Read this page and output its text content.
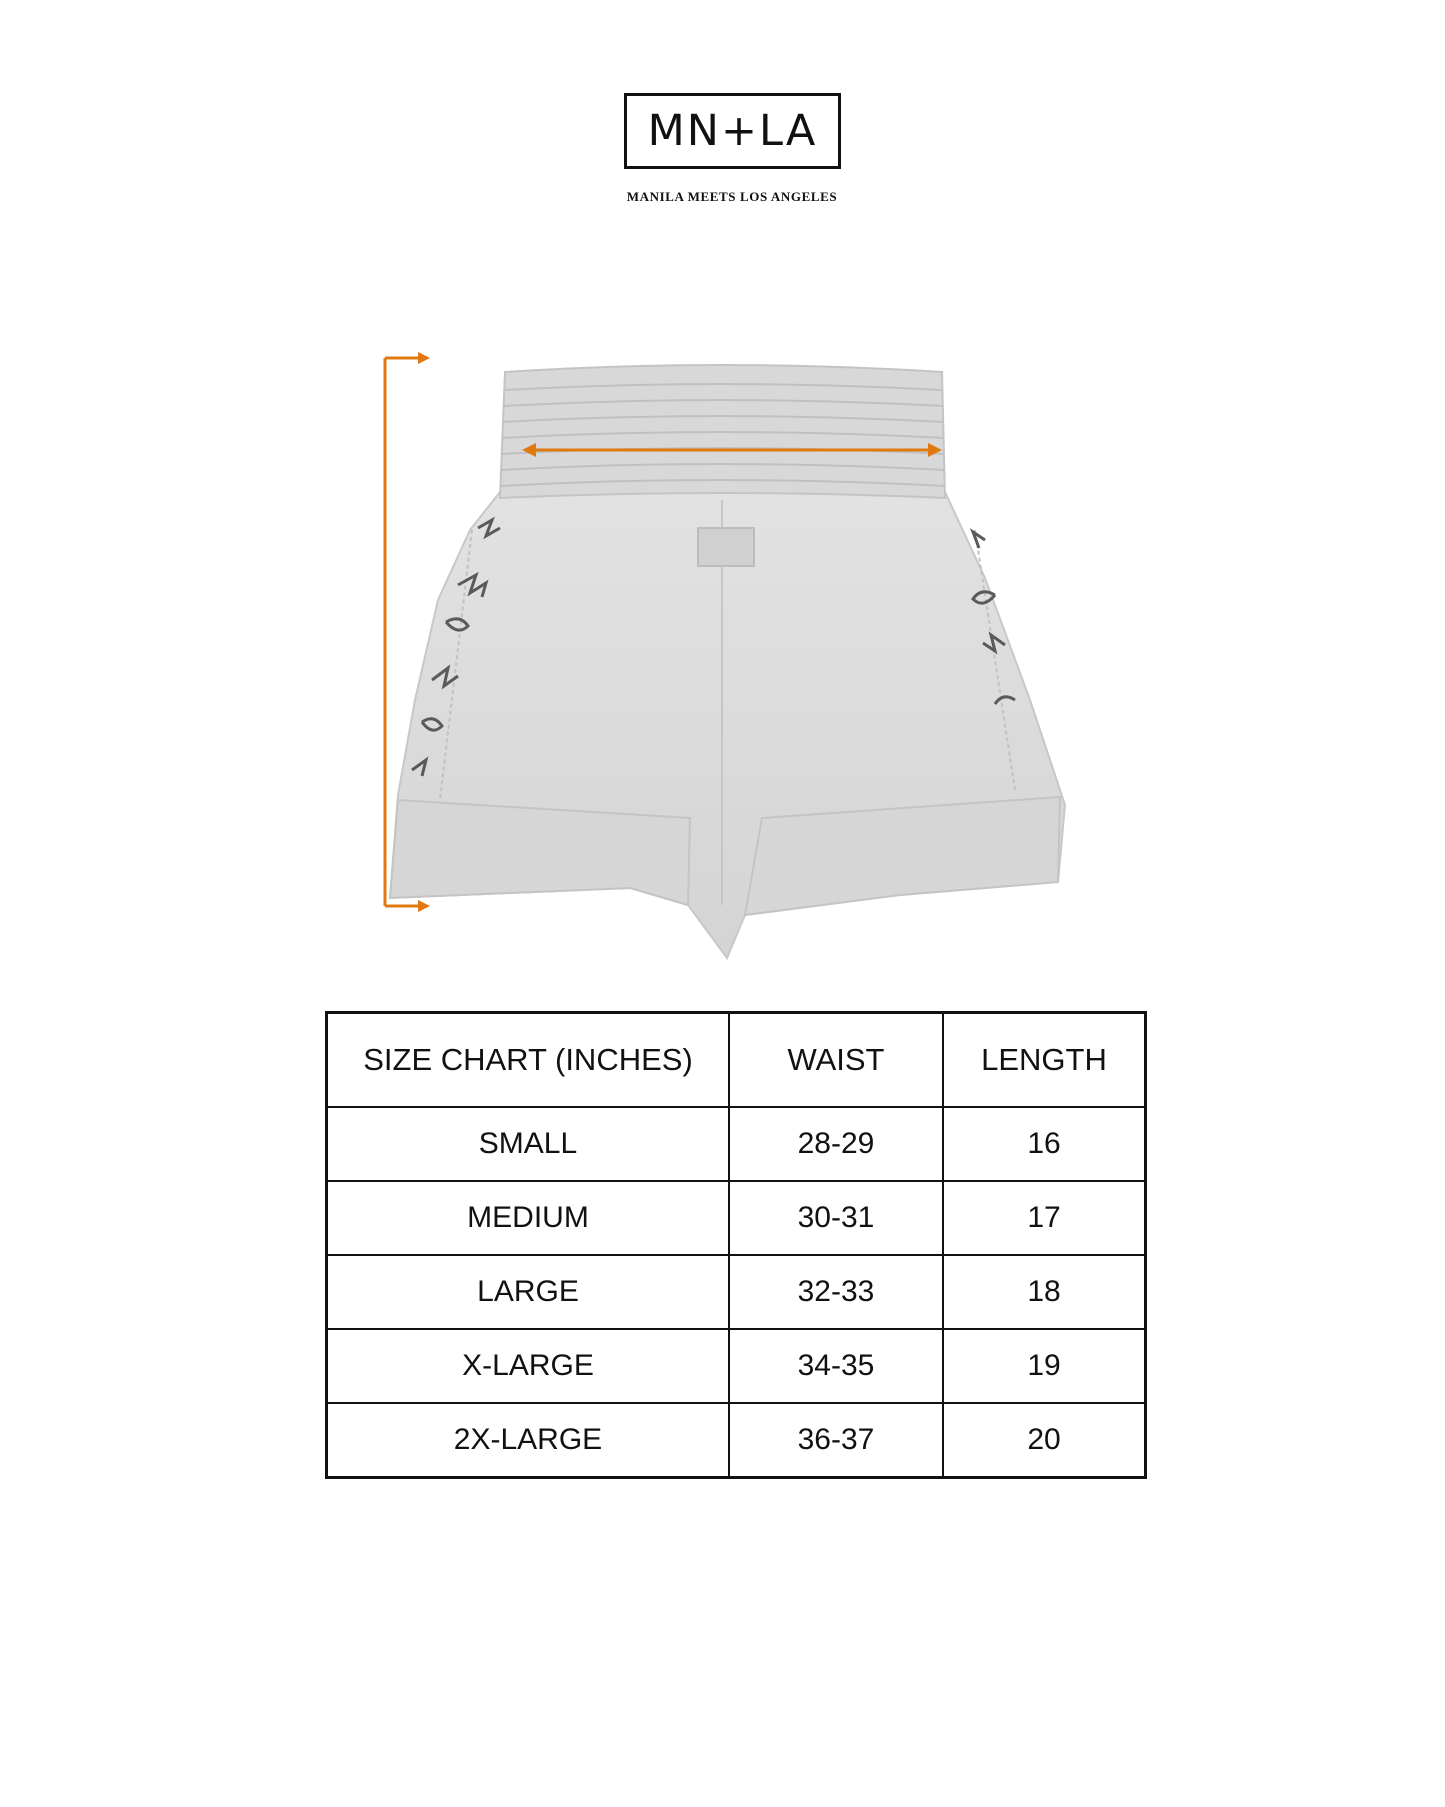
MN+LA
MANILA MEETS LOS ANGELES
SIZE CHART (INCHES)	WAIST	LENGTH
SMALL	28-29	16
MEDIUM	30-31	17
LARGE	32-33	18
X-LARGE	34-35	19
2X-LARGE	36-37	20
